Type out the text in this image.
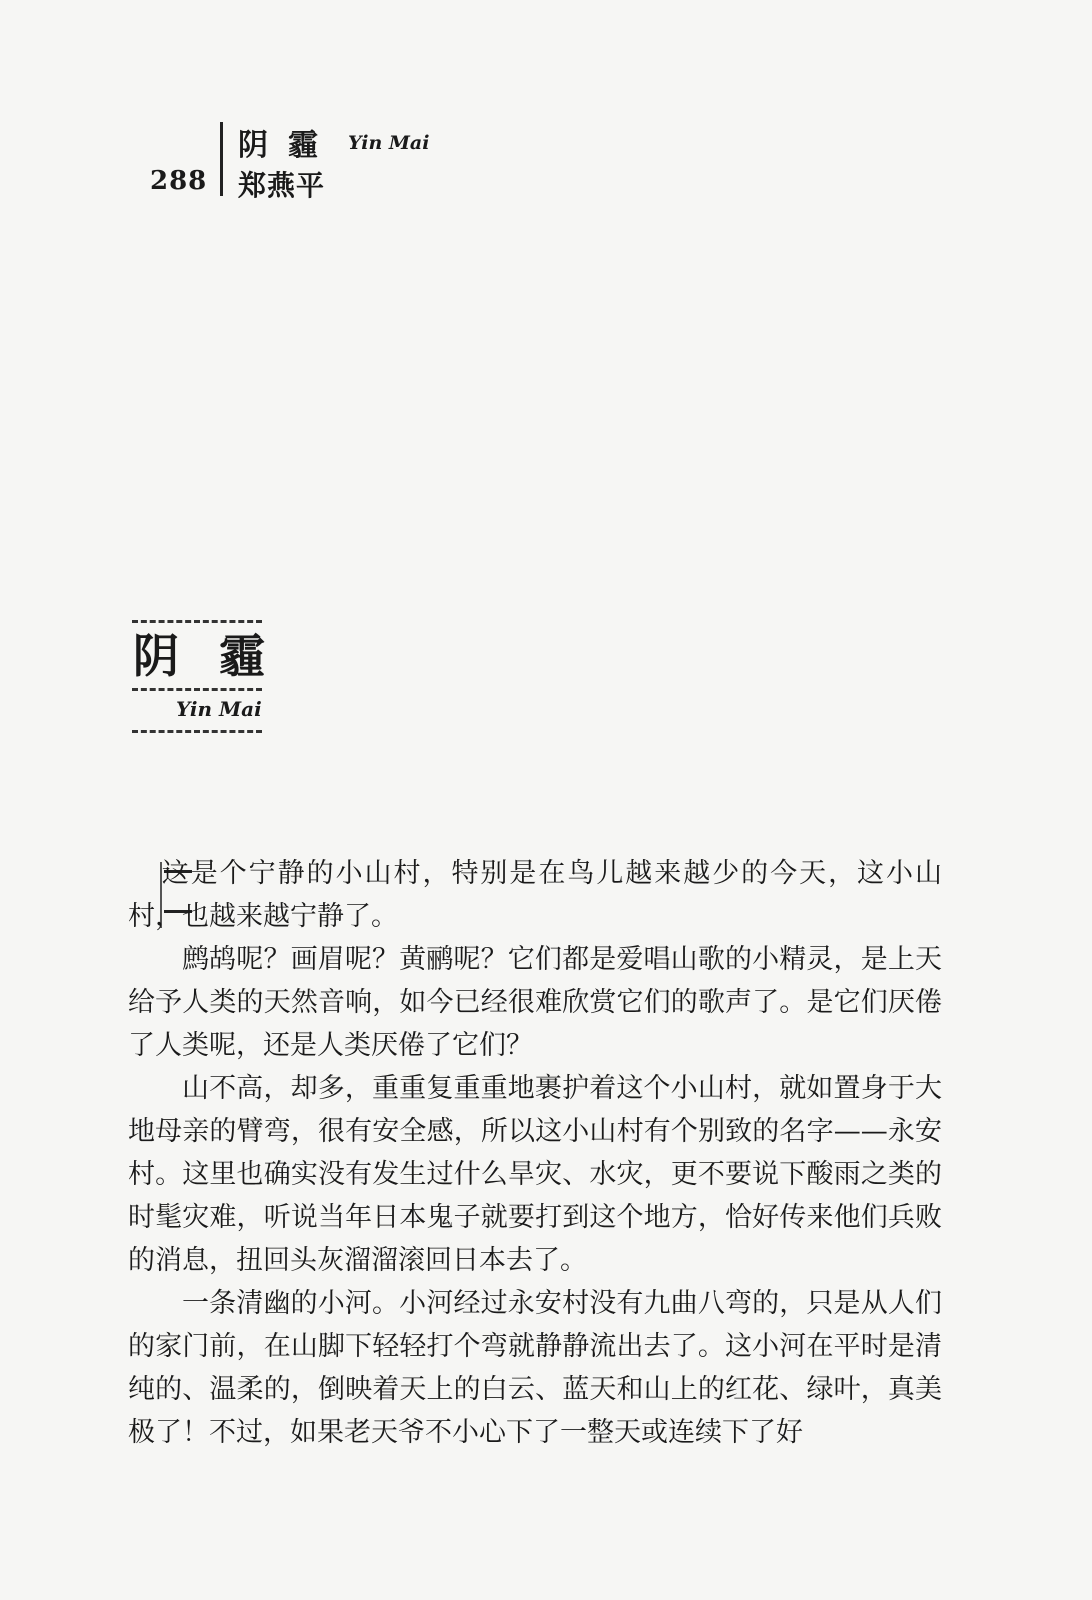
288
阴霾 Yin Mai
郑燕平
阴霾
Yin Mai

这是个宁静的小山村，特别是在鸟儿越来越少的今天，这小山村，也越来越宁静了。

鹧鸪呢？画眉呢？黄鹂呢？它们都是爱唱山歌的小精灵，是上天给予人类的天然音响，如今已经很难欣赏它们的歌声了。是它们厌倦了人类呢，还是人类厌倦了它们？

山不高，却多，重重复重重地裹护着这个小山村，就如置身于大地母亲的臂弯，很有安全感，所以这小山村有个别致的名字——永安村。这里也确实没有发生过什么旱灾、水灾，更不要说下酸雨之类的时髦灾难，听说当年日本鬼子就要打到这个地方，恰好传来他们兵败的消息，扭回头灰溜溜滚回日本去了。

一条清幽的小河。小河经过永安村没有九曲八弯的，只是从人们的家门前，在山脚下轻轻打个弯就静静流出去了。这小河在平时是清纯的、温柔的，倒映着天上的白云、蓝天和山上的红花、绿叶，真美极了！不过，如果老天爷不小心下了一整天或连续下了好
